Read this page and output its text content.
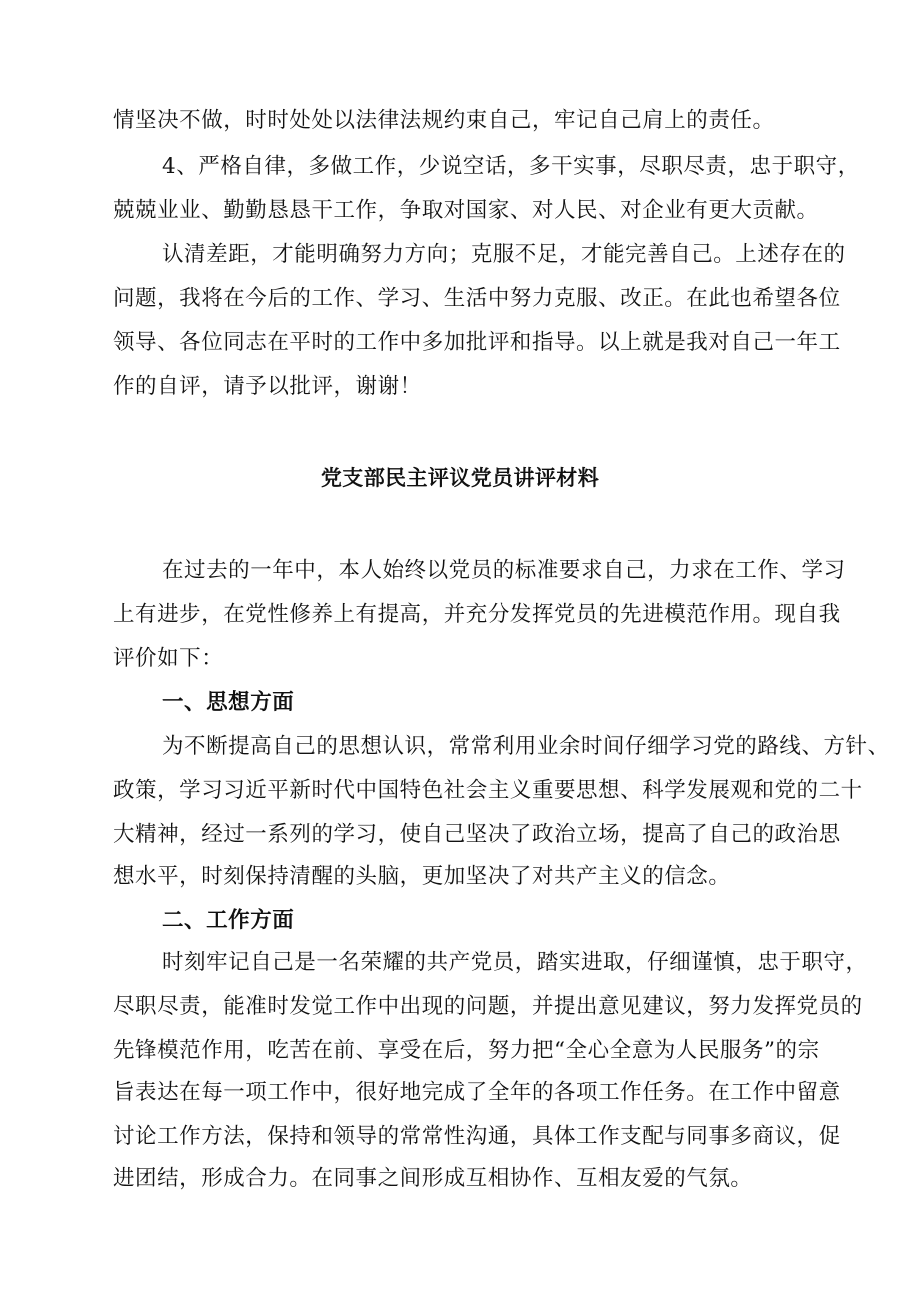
情坚决不做，时时处处以法律法规约束自己，牢记自己肩上的责任。
4、严格自律，多做工作，少说空话，多干实事，尽职尽责，忠于职守，
兢兢业业、勤勤恳恳干工作，争取对国家、对人民、对企业有更大贡献。
认清差距，才能明确努力方向；克服不足，才能完善自己。上述存在的
问题，我将在今后的工作、学习、生活中努力克服、改正。在此也希望各位
领导、各位同志在平时的工作中多加批评和指导。以上就是我对自己一年工
作的自评，请予以批评，谢谢！
党支部民主评议党员讲评材料
在过去的一年中，本人始终以党员的标准要求自己，力求在工作、学习
上有进步，在党性修养上有提高，并充分发挥党员的先进模范作用。现自我
评价如下：
一、思想方面
为不断提高自己的思想认识，常常利用业余时间仔细学习党的路线、方针、
政策，学习习近平新时代中国特色社会主义重要思想、科学发展观和党的二十
大精神，经过一系列的学习，使自己坚决了政治立场，提高了自己的政治思
想水平，时刻保持清醒的头脑，更加坚决了对共产主义的信念。
二、工作方面
时刻牢记自己是一名荣耀的共产党员，踏实进取，仔细谨慎，忠于职守，
尽职尽责，能准时发觉工作中出现的问题，并提出意见建议，努力发挥党员的
先锋模范作用，吃苦在前、享受在后，努力把“全心全意为人民服务”的宗
旨表达在每一项工作中，很好地完成了全年的各项工作任务。在工作中留意
讨论工作方法，保持和领导的常常性沟通，具体工作支配与同事多商议，促
进团结，形成合力。在同事之间形成互相协作、互相友爱的气氛。
